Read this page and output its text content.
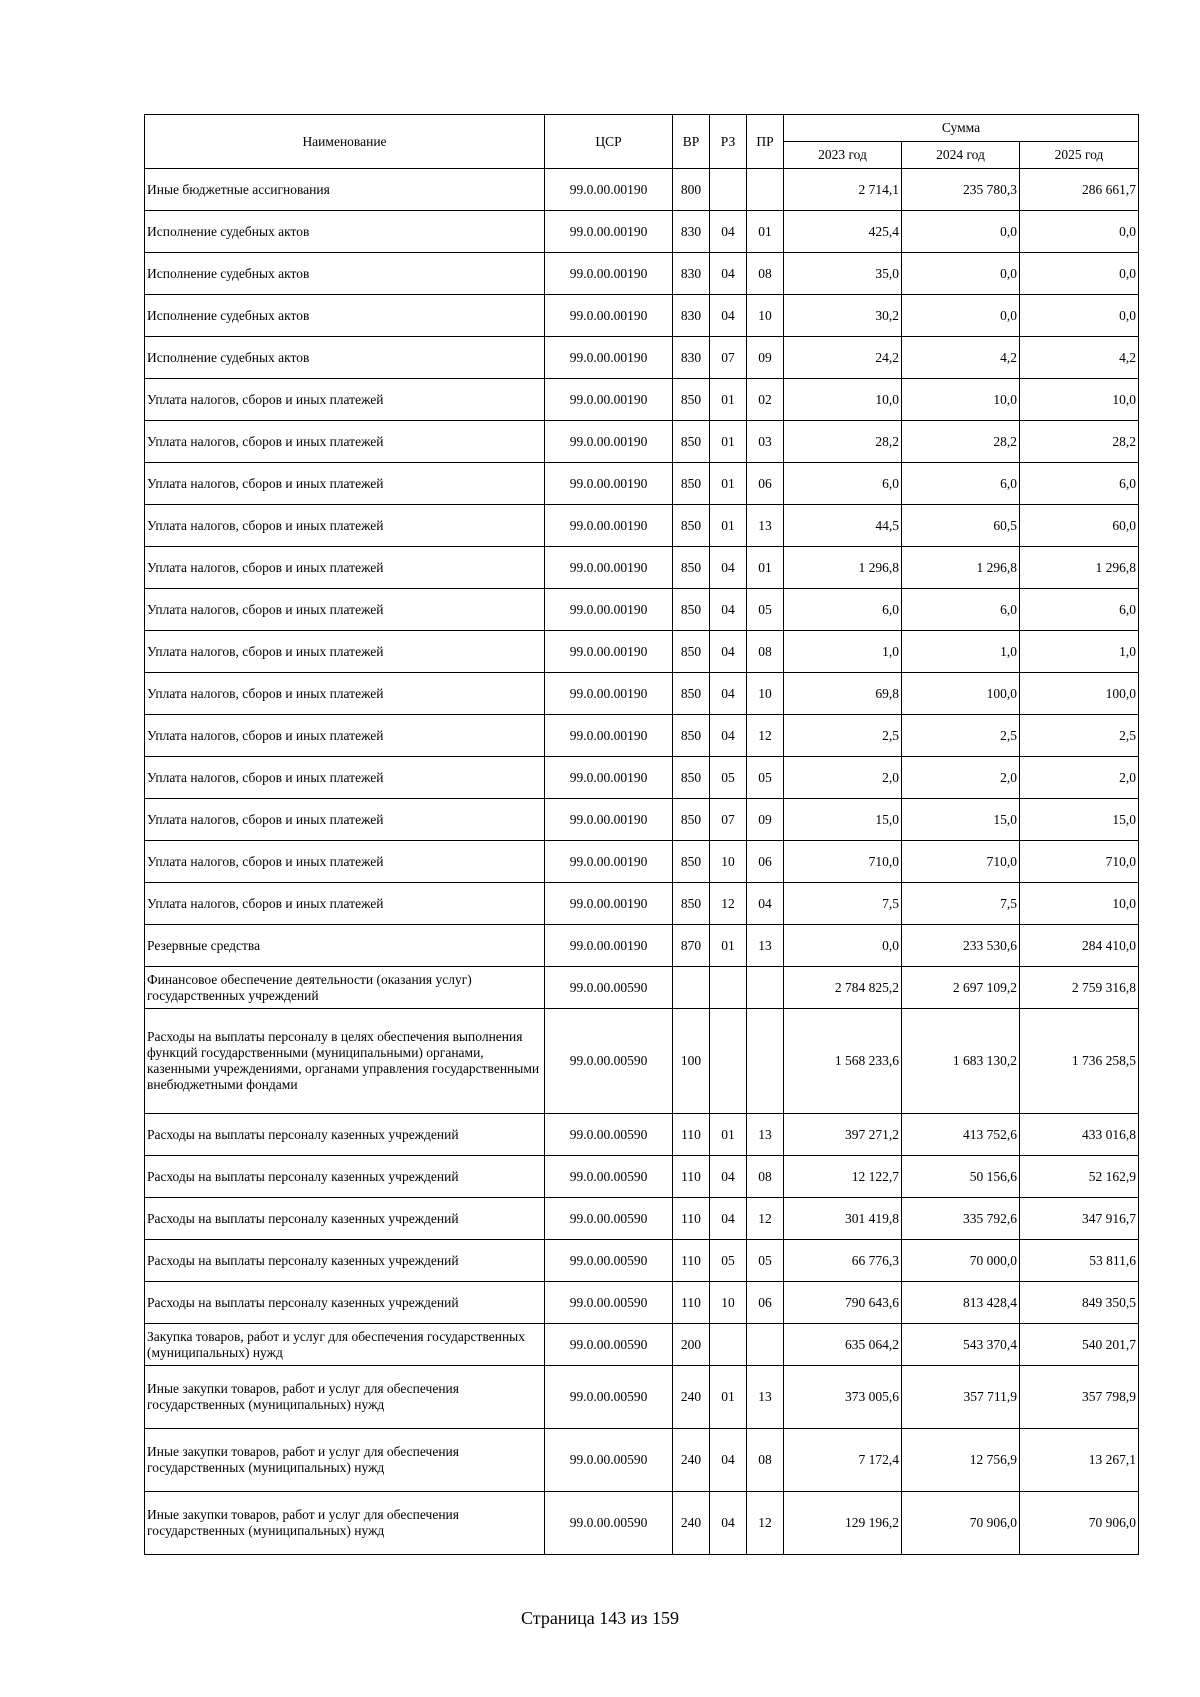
Наименование	ЦСР	ВР	РЗ	ПР	Сумма		
					2023 год	2024 год	2025 год
Иные бюджетные ассигнования	99.0.00.00190	800			2 714,1	235 780,3	286 661,7
Исполнение судебных актов	99.0.00.00190	830	04	01	425,4	0,0	0,0
Исполнение судебных актов	99.0.00.00190	830	04	08	35,0	0,0	0,0
Исполнение судебных актов	99.0.00.00190	830	04	10	30,2	0,0	0,0
Исполнение судебных актов	99.0.00.00190	830	07	09	24,2	4,2	4,2
Уплата налогов, сборов и иных платежей	99.0.00.00190	850	01	02	10,0	10,0	10,0
Уплата налогов, сборов и иных платежей	99.0.00.00190	850	01	03	28,2	28,2	28,2
Уплата налогов, сборов и иных платежей	99.0.00.00190	850	01	06	6,0	6,0	6,0
Уплата налогов, сборов и иных платежей	99.0.00.00190	850	01	13	44,5	60,5	60,0
Уплата налогов, сборов и иных платежей	99.0.00.00190	850	04	01	1 296,8	1 296,8	1 296,8
Уплата налогов, сборов и иных платежей	99.0.00.00190	850	04	05	6,0	6,0	6,0
Уплата налогов, сборов и иных платежей	99.0.00.00190	850	04	08	1,0	1,0	1,0
Уплата налогов, сборов и иных платежей	99.0.00.00190	850	04	10	69,8	100,0	100,0
Уплата налогов, сборов и иных платежей	99.0.00.00190	850	04	12	2,5	2,5	2,5
Уплата налогов, сборов и иных платежей	99.0.00.00190	850	05	05	2,0	2,0	2,0
Уплата налогов, сборов и иных платежей	99.0.00.00190	850	07	09	15,0	15,0	15,0
Уплата налогов, сборов и иных платежей	99.0.00.00190	850	10	06	710,0	710,0	710,0
Уплата налогов, сборов и иных платежей	99.0.00.00190	850	12	04	7,5	7,5	10,0
Резервные средства	99.0.00.00190	870	01	13	0,0	233 530,6	284 410,0
Финансовое обеспечение деятельности (оказания услуг) государственных учреждений	99.0.00.00590				2 784 825,2	2 697 109,2	2 759 316,8
Расходы на выплаты персоналу в целях обеспечения выполнения функций государственными (муниципальными) органами, казенными учреждениями, органами управления государственными внебюджетными фондами	99.0.00.00590	100			1 568 233,6	1 683 130,2	1 736 258,5
Расходы на выплаты персоналу казенных учреждений	99.0.00.00590	110	01	13	397 271,2	413 752,6	433 016,8
Расходы на выплаты персоналу казенных учреждений	99.0.00.00590	110	04	08	12 122,7	50 156,6	52 162,9
Расходы на выплаты персоналу казенных учреждений	99.0.00.00590	110	04	12	301 419,8	335 792,6	347 916,7
Расходы на выплаты персоналу казенных учреждений	99.0.00.00590	110	05	05	66 776,3	70 000,0	53 811,6
Расходы на выплаты персоналу казенных учреждений	99.0.00.00590	110	10	06	790 643,6	813 428,4	849 350,5
Закупка товаров, работ и услуг для обеспечения государственных (муниципальных) нужд	99.0.00.00590	200			635 064,2	543 370,4	540 201,7
Иные закупки товаров, работ и услуг для обеспечения государственных (муниципальных) нужд	99.0.00.00590	240	01	13	373 005,6	357 711,9	357 798,9
Иные закупки товаров, работ и услуг для обеспечения государственных (муниципальных) нужд	99.0.00.00590	240	04	08	7 172,4	12 756,9	13 267,1
Иные закупки товаров, работ и услуг для обеспечения государственных (муниципальных) нужд	99.0.00.00590	240	04	12	129 196,2	70 906,0	70 906,0
Страница 143 из 159
